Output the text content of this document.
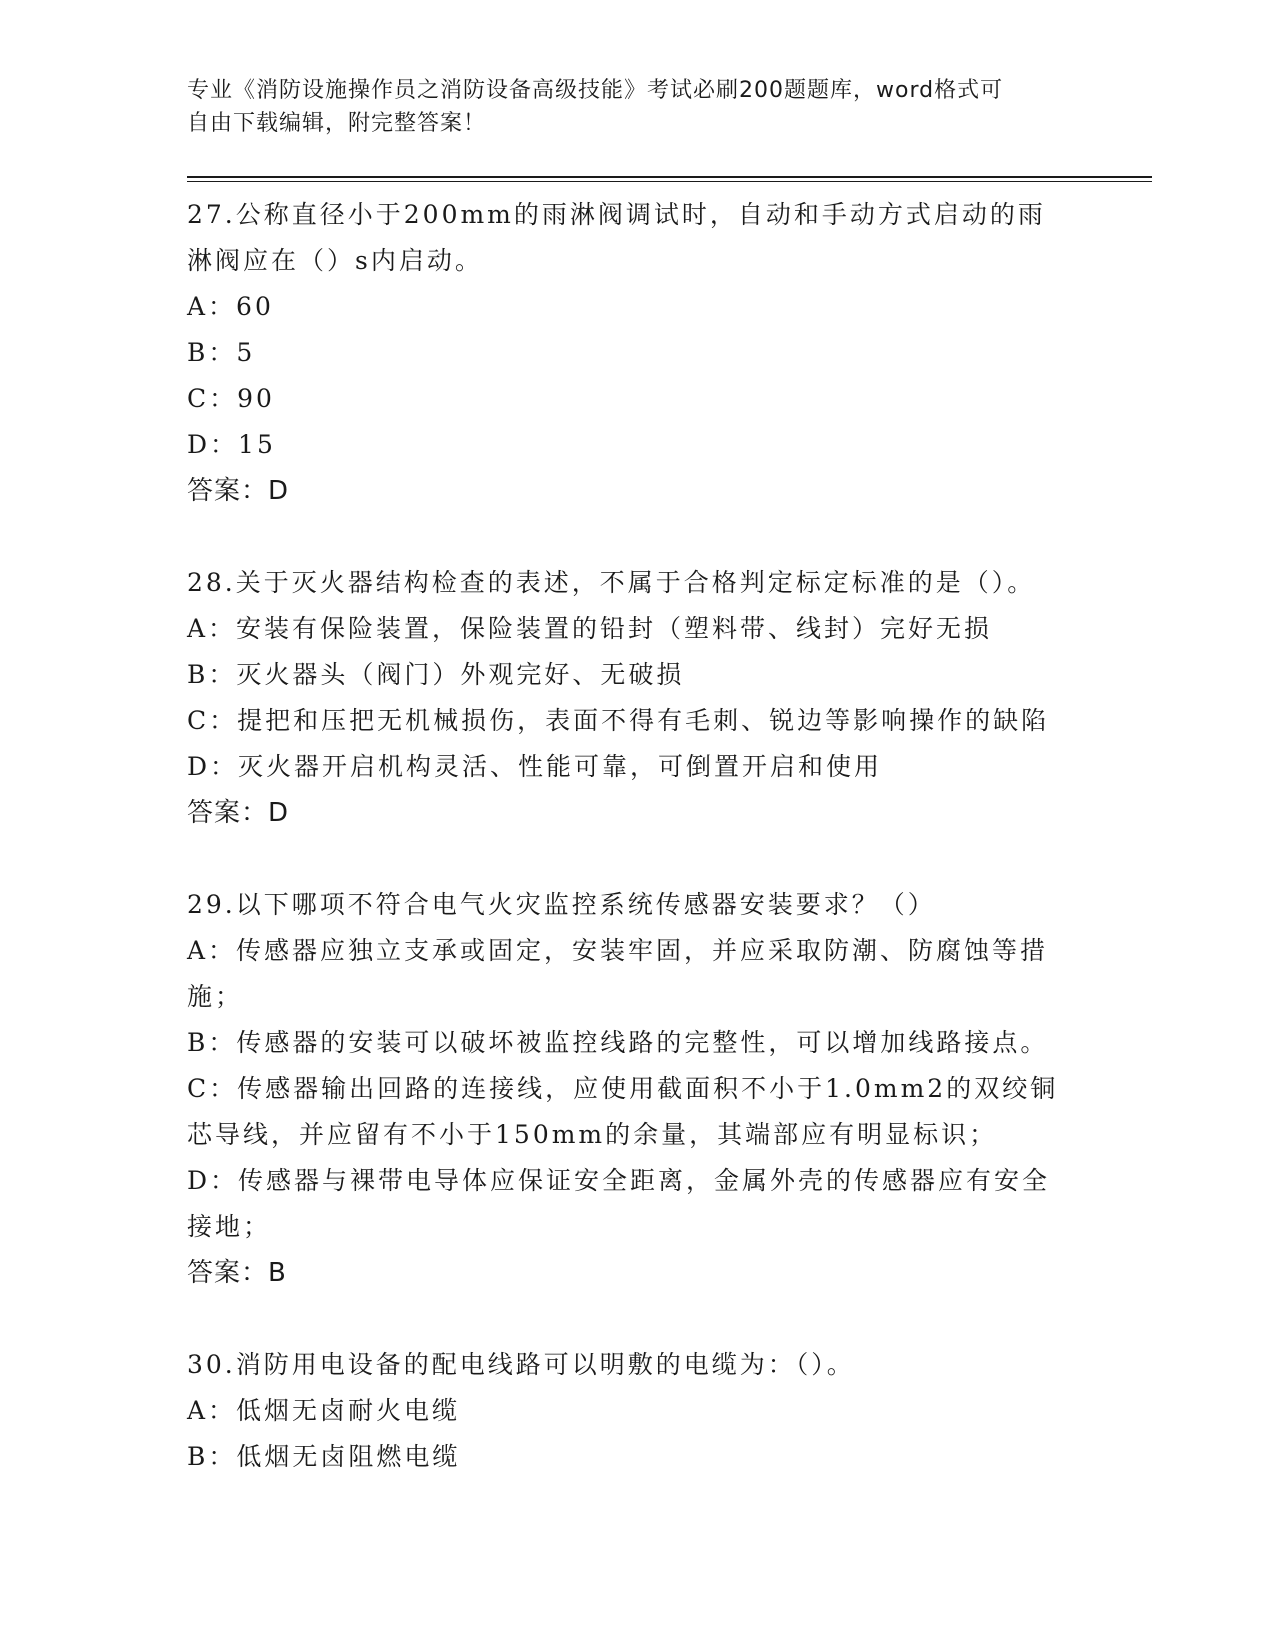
专业《消防设施操作员之消防设备高级技能》考试必刷200题题库，word格式可
自由下载编辑，附完整答案！

27.公称直径小于200mm的雨淋阀调试时，自动和手动方式启动的雨淋阀应在（）s内启动。

A：60

B：5

C：90

D：15

答案：D

28.关于灭火器结构检查的表述，不属于合格判定标定标准的是（）。

A：安装有保险装置，保险装置的铅封（塑料带、线封）完好无损

B：灭火器头（阀门）外观完好、无破损

C：提把和压把无机械损伤，表面不得有毛刺、锐边等影响操作的缺陷

D：灭火器开启机构灵活、性能可靠，可倒置开启和使用

答案：D

29.以下哪项不符合电气火灾监控系统传感器安装要求？（）

A：传感器应独立支承或固定，安装牢固，并应采取防潮、防腐蚀等措施；

B：传感器的安装可以破坏被监控线路的完整性，可以增加线路接点。

C：传感器输出回路的连接线，应使用截面积不小于1.0mm2的双绞铜芯导线，并应留有不小于150mm的余量，其端部应有明显标识；

D：传感器与裸带电导体应保证安全距离，金属外壳的传感器应有安全接地；

答案：B

30.消防用电设备的配电线路可以明敷的电缆为：（）。

A：低烟无卤耐火电缆

B：低烟无卤阻燃电缆
